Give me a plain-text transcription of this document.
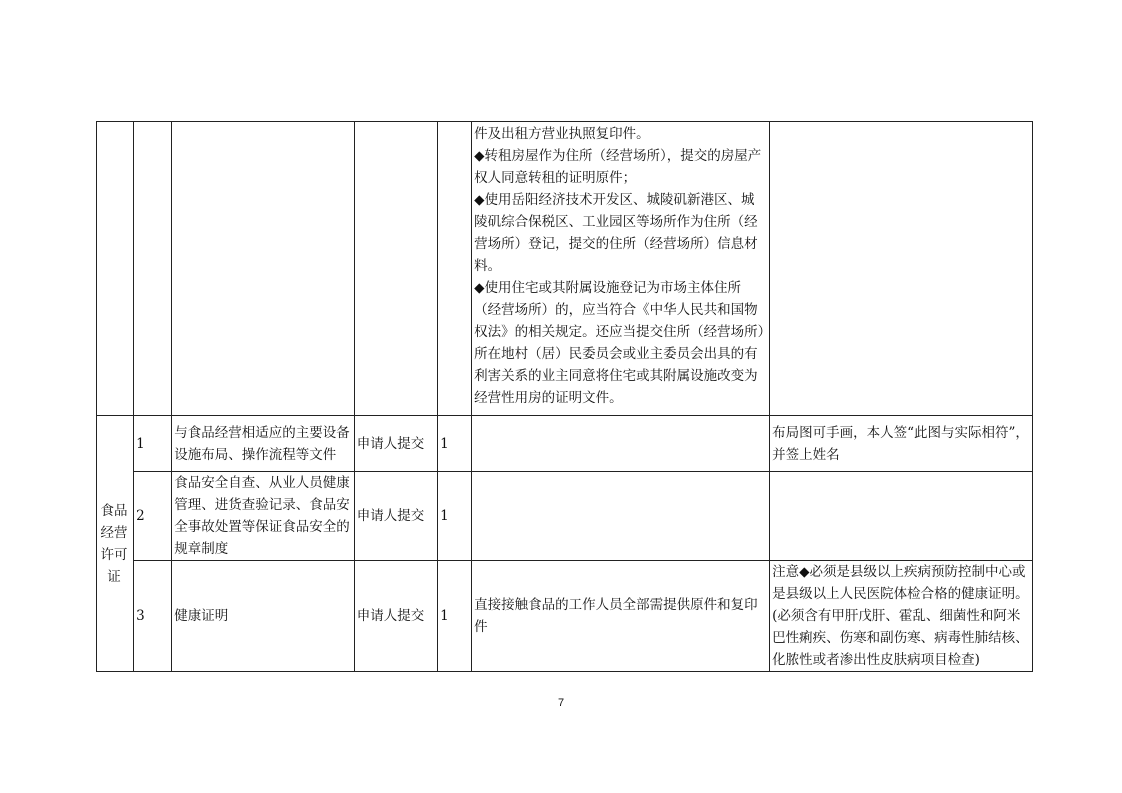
					件及出租方营业执照复印件。
◆ 转租房屋作为住所（经营场所），提交的房屋产权人同意转租的证明原件；
◆ 使用岳阳经济技术开发区、城陵矶新港区、城陵矶综合保税区、工业园区等场所作为住所（经营场所）登记，提交的住所（经营场所）信息材料。
◆ 使用住宅或其附属设施登记为市场主体住所（经营场所）的，应当符合《中华人民共和国物权法》的相关规定。还应当提交住所（经营场所）所在地村（居）民委员会或业主委员会出具的有利害关系的业主同意将住宅或其附属设施改变为经营性用房的证明文件。

食品经营许可证	1	与食品经营相适应的主要设备设施布局、操作流程等文件	申请人提交	1		布局图可手画，本人签“此图与实际相符”，并签上姓名
	2	食品安全自查、从业人员健康管理、进货查验记录、食品安全事故处置等保证食品安全的规章制度	申请人提交	1		
	3	健康证明	申请人提交	1	直接接触食品的工作人员全部需提供原件和复印件	注意◆必须是县级以上疾病预防控制中心或是县级以上人民医院体检合格的健康证明。(必须含有甲肝戊肝、霍乱、细菌性和阿米巴性痢疾、伤寒和副伤寒、病毒性肺结核、化脓性或者渗出性皮肤病项目检查)
7
